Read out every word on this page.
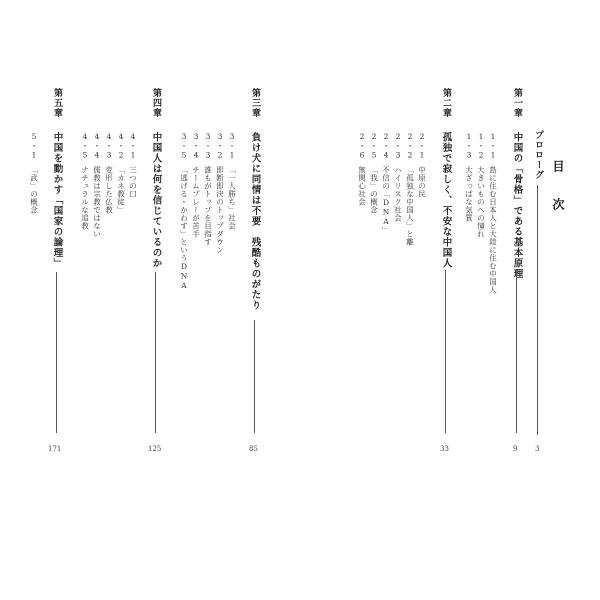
目 次
プロローグ
3
第一章
中国の「骨格」である基本原理
9
1・1
島に住む日本人と大陸に住む中国人
1・2
大きいものへの憧れ
1・3
大ざっぱな気質
第二章
孤独で寂しく、不安な中国人
33
2・1
中原の民
2・2
「孤独な中国人」と離
2・3
ハイリスク社会
2・4
不信の「DNA」
2・5
「我」の概念
2・6
無関心社会
第三章
負け犬に同情は不要　残酷ものがたり
85
3・1
「一人勝ち」社会
3・2
即断即決のトップダウン
3・3
誰もがトップを目指す
3・4
チームプレーが苦手
3・5
「逃げる・かわす」というDNA
第四章
中国人は何を信じているのか
125
4・1
三つの口
4・2
「カネ教徒」
4・3
変形した仏教
4・4
儒教は宗教ではない
4・5
ナチュラルな追教
第五章
中国を動かす「国家の論理」
171
5・1
「武」の概念
